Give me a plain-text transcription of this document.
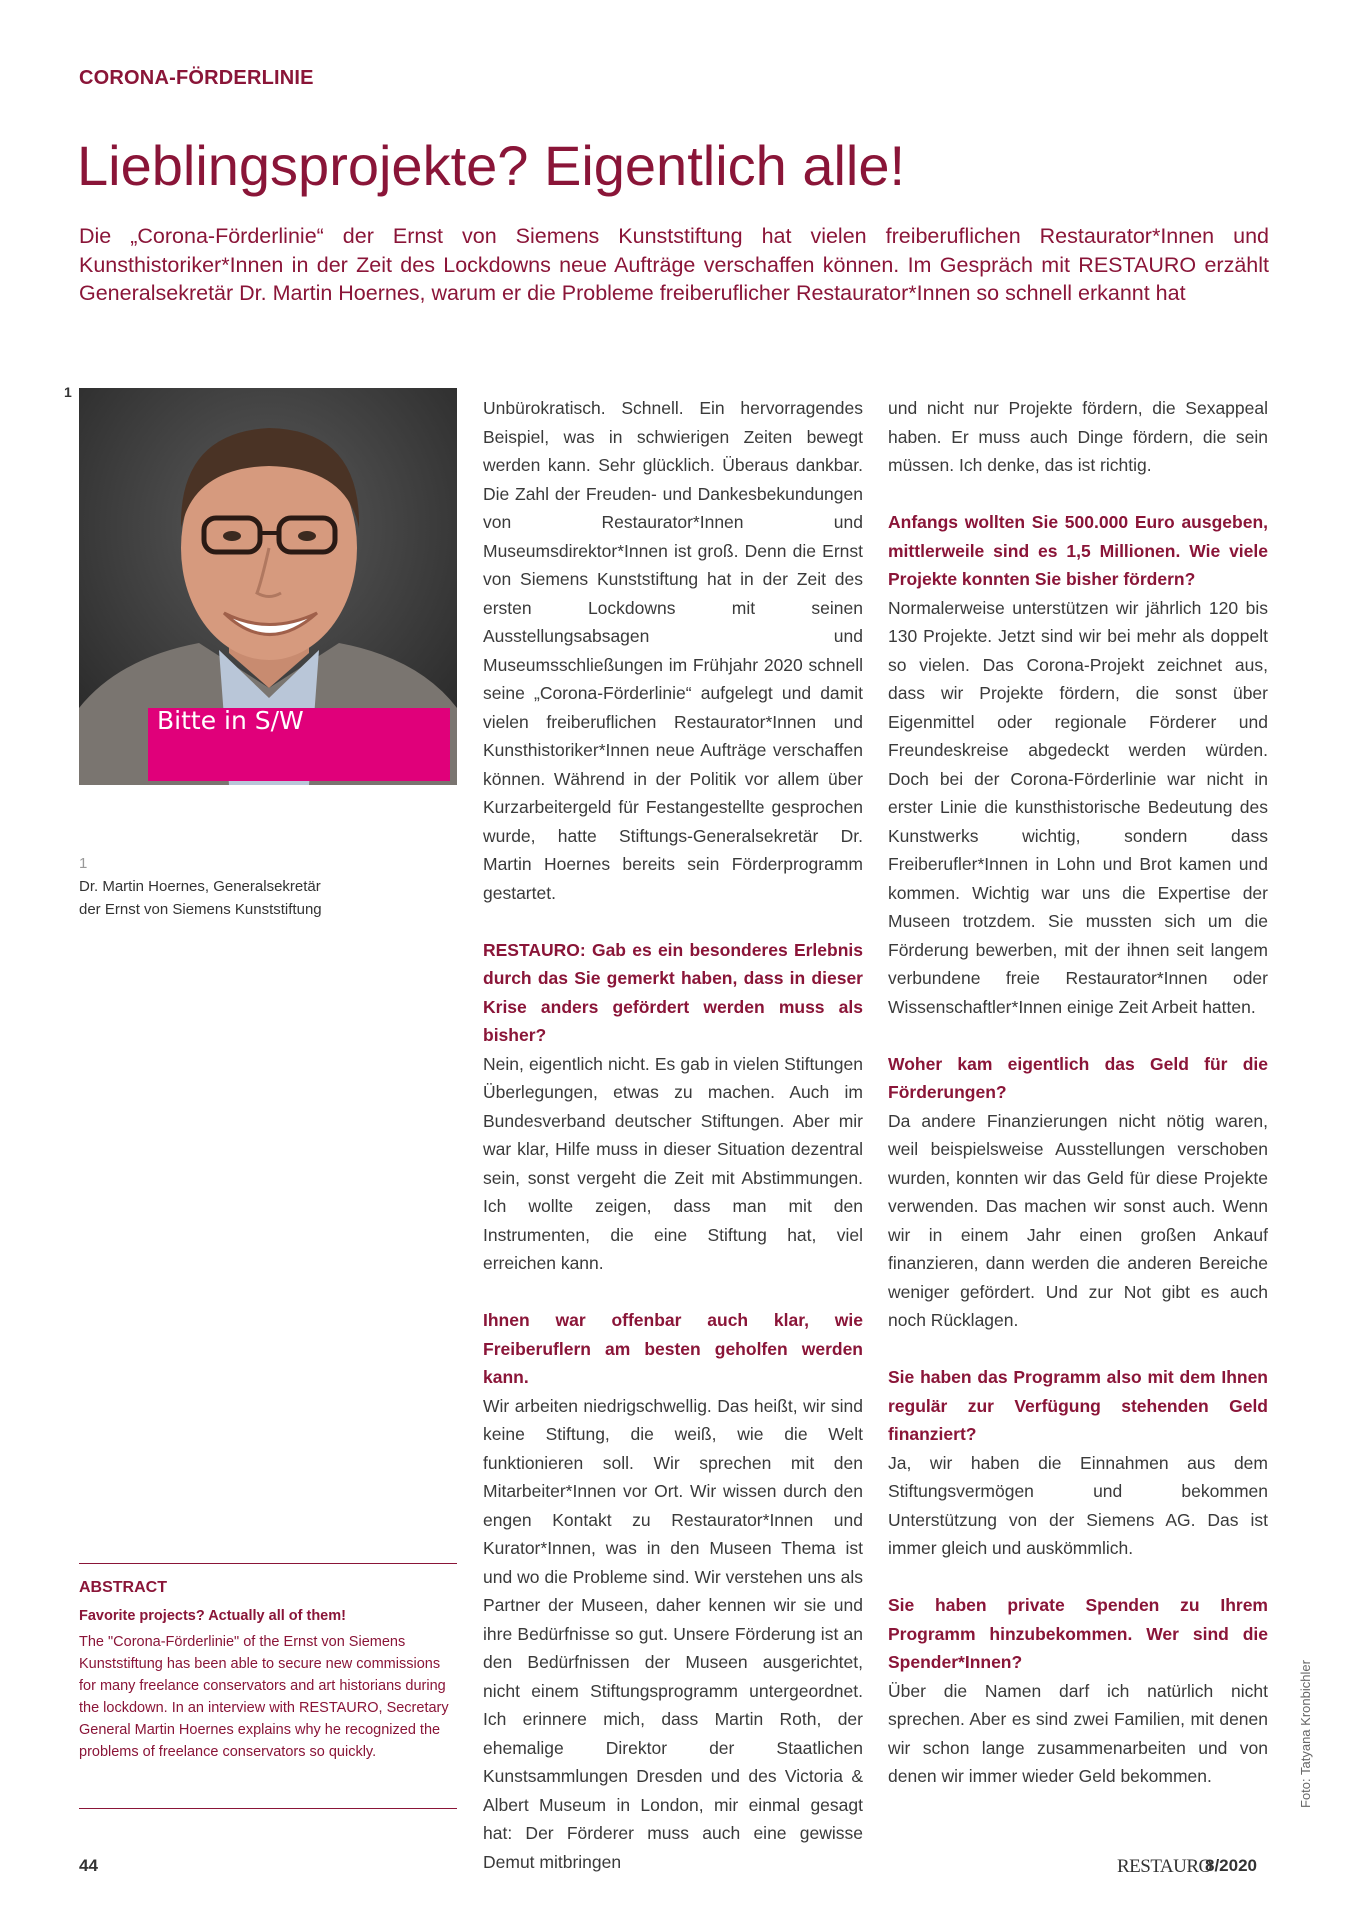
CORONA-FÖRDERLINIE
Lieblingsprojekte? Eigentlich alle!
Die „Corona-Förderlinie“ der Ernst von Siemens Kunststiftung hat vielen freiberuflichen Restaurator*Innen und Kunsthistoriker*Innen in der Zeit des Lockdowns neue Aufträge verschaffen können. Im Gespräch mit RESTAURO erzählt Generalsekretär Dr. Martin Hoernes, warum er die Probleme freiberuflicher Restaurator*Innen so schnell erkannt hat
1
Bitte in S/W
1
Dr. Martin Hoernes, Generalsekretär der Ernst von Siemens Kunststiftung
ABSTRACT
Favorite projects? Actually all of them!
The "Corona-Förderlinie" of the Ernst von Siemens Kunststiftung has been able to secure new commissions for many freelance conservators and art historians during the lockdown. In an interview with RESTAURO, Secretary General Martin Hoernes explains why he recognized the problems of freelance conservators so quickly.

Unbürokratisch. Schnell. Ein hervorragendes Beispiel, was in schwierigen Zeiten bewegt werden kann. Sehr glücklich. Überaus dankbar. Die Zahl der Freuden- und Dankesbekundungen von Restaurator*Innen und Museumsdirektor*Innen ist groß. Denn die Ernst von Siemens Kunststiftung hat in der Zeit des ersten Lockdowns mit seinen Ausstellungsabsagen und Museumsschließungen im Frühjahr 2020 schnell seine „Corona-Förderlinie“ aufgelegt und damit vielen freiberuflichen Restaurator*Innen und Kunsthistoriker*Innen neue Aufträge verschaffen können. Während in der Politik vor allem über Kurzarbeitergeld für Festangestellte gesprochen wurde, hatte Stiftungs-Generalsekretär Dr. Martin Hoernes bereits sein Förderprogramm gestartet.

RESTAURO: Gab es ein besonderes Erlebnis durch das Sie gemerkt haben, dass in dieser Krise anders gefördert werden muss als bisher?

Nein, eigentlich nicht. Es gab in vielen Stiftungen Überlegungen, etwas zu machen. Auch im Bundesverband deutscher Stiftungen. Aber mir war klar, Hilfe muss in dieser Situation dezentral sein, sonst vergeht die Zeit mit Abstimmungen. Ich wollte zeigen, dass man mit den Instrumenten, die eine Stiftung hat, viel erreichen kann.

Ihnen war offenbar auch klar, wie Freiberuflern am besten geholfen werden kann.

Wir arbeiten niedrigschwellig. Das heißt, wir sind keine Stiftung, die weiß, wie die Welt funktionieren soll. Wir sprechen mit den Mitarbeiter*Innen vor Ort. Wir wissen durch den engen Kontakt zu Restaurator*Innen und Kurator*Innen, was in den Museen Thema ist und wo die Probleme sind. Wir verstehen uns als Partner der Museen, daher kennen wir sie und ihre Bedürfnisse so gut. Unsere Förderung ist an den Bedürfnissen der Museen ausgerichtet, nicht einem Stiftungsprogramm untergeordnet. Ich erinnere mich, dass Martin Roth, der ehemalige Direktor der Staatlichen Kunstsammlungen Dresden und des Victoria & Albert Museum in London, mir einmal gesagt hat: Der Förderer muss auch eine gewisse Demut mitbringen

und nicht nur Projekte fördern, die Sexappeal haben. Er muss auch Dinge fördern, die sein müssen. Ich denke, das ist richtig.

Anfangs wollten Sie 500.000 Euro ausgeben, mittlerweile sind es 1,5 Millionen. Wie viele Projekte konnten Sie bisher fördern?

Normalerweise unterstützen wir jährlich 120 bis 130 Projekte. Jetzt sind wir bei mehr als doppelt so vielen. Das Corona-Projekt zeichnet aus, dass wir Projekte fördern, die sonst über Eigenmittel oder regionale Förderer und Freundeskreise abgedeckt werden würden. Doch bei der Corona-Förderlinie war nicht in erster Linie die kunsthistorische Bedeutung des Kunstwerks wichtig, sondern dass Freiberufler*Innen in Lohn und Brot kamen und kommen. Wichtig war uns die Expertise der Museen trotzdem. Sie mussten sich um die Förderung bewerben, mit der ihnen seit langem verbundene freie Restaurator*Innen oder Wissenschaftler*Innen einige Zeit Arbeit hatten.

Woher kam eigentlich das Geld für die Förderungen?

Da andere Finanzierungen nicht nötig waren, weil beispielsweise Ausstellungen verschoben wurden, konnten wir das Geld für diese Projekte verwenden. Das machen wir sonst auch. Wenn wir in einem Jahr einen großen Ankauf finanzieren, dann werden die anderen Bereiche weniger gefördert. Und zur Not gibt es auch noch Rücklagen.

Sie haben das Programm also mit dem Ihnen regulär zur Verfügung stehenden Geld finanziert?

Ja, wir haben die Einnahmen aus dem Stiftungsvermögen und bekommen Unterstützung von der Siemens AG. Das ist immer gleich und auskömmlich.

Sie haben private Spenden zu Ihrem Programm hinzubekommen. Wer sind die Spender*Innen?

Über die Namen darf ich natürlich nicht sprechen. Aber es sind zwei Familien, mit denen wir schon lange zusammenarbeiten und von denen wir immer wieder Geld bekommen.	Foto: Tatyana Kronbichler
44	RESTAURO
8/2020
